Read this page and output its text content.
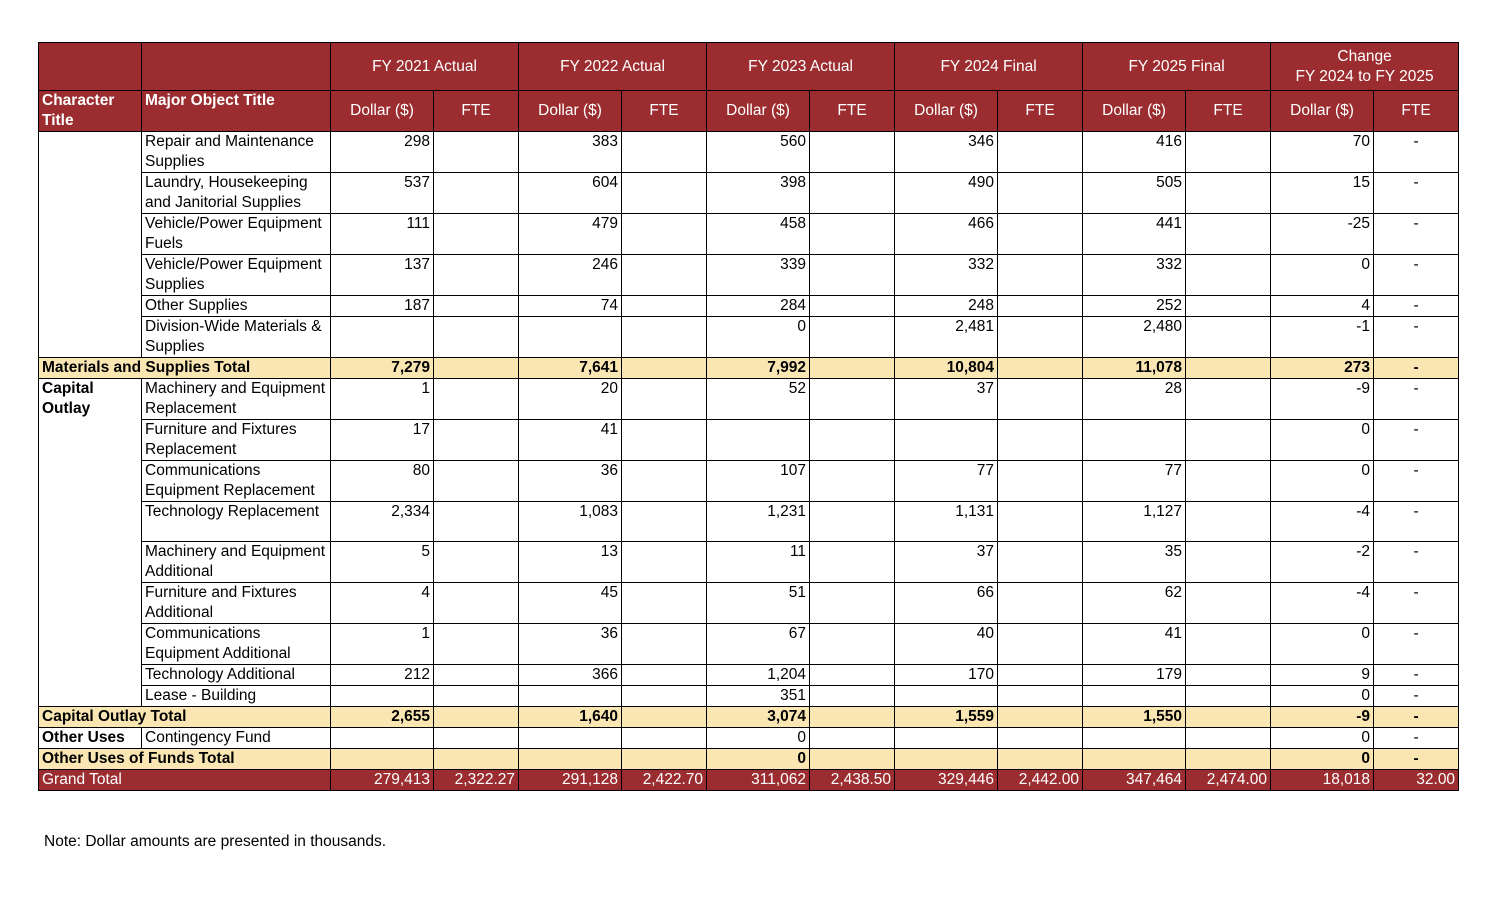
		FY 2021 Actual		FY 2022 Actual		FY 2023 Actual		FY 2024 Final		FY 2025 Final		Change
FY 2024 to FY 2025	
Character Title	Major Object Title	Dollar ($)	FTE	Dollar ($)	FTE	Dollar ($)	FTE	Dollar ($)	FTE	Dollar ($)	FTE	Dollar ($)	FTE
	Repair and Maintenance Supplies	298		383		560		346		416		70	-
	Laundry, Housekeeping and Janitorial Supplies	537		604		398		490		505		15	-
	Vehicle/Power Equipment Fuels	111		479		458		466		441		-25	-
	Vehicle/Power Equipment Supplies	137		246		339		332		332		0	-
	Other Supplies	187		74		284		248		252		4	-
	Division-Wide Materials & Supplies					0		2,481		2,480		-1	-
Materials and Supplies Total		7,279		7,641		7,992		10,804		11,078		273	-
Capital Outlay	Machinery and Equipment Replacement	1		20		52		37		28		-9	-
	Furniture and Fixtures Replacement	17		41								0	-
	Communications Equipment Replacement	80		36		107		77		77		0	-
	Technology Replacement	2,334		1,083		1,231		1,131		1,127		-4	-
	Machinery and Equipment Additional	5		13		11		37		35		-2	-
	Furniture and Fixtures Additional	4		45		51		66		62		-4	-
	Communications Equipment Additional	1		36		67		40		41		0	-
	Technology Additional	212		366		1,204		170		179		9	-
	Lease - Building					351						0	-
Capital Outlay Total		2,655		1,640		3,074		1,559		1,550		-9	-
Other Uses	Contingency Fund					0						0	-
Other Uses of Funds Total						0						0	-
Grand Total		279,413	2,322.27	291,128	2,422.70	311,062	2,438.50	329,446	2,442.00	347,464	2,474.00	18,018	32.00
Note: Dollar amounts are presented in thousands.
